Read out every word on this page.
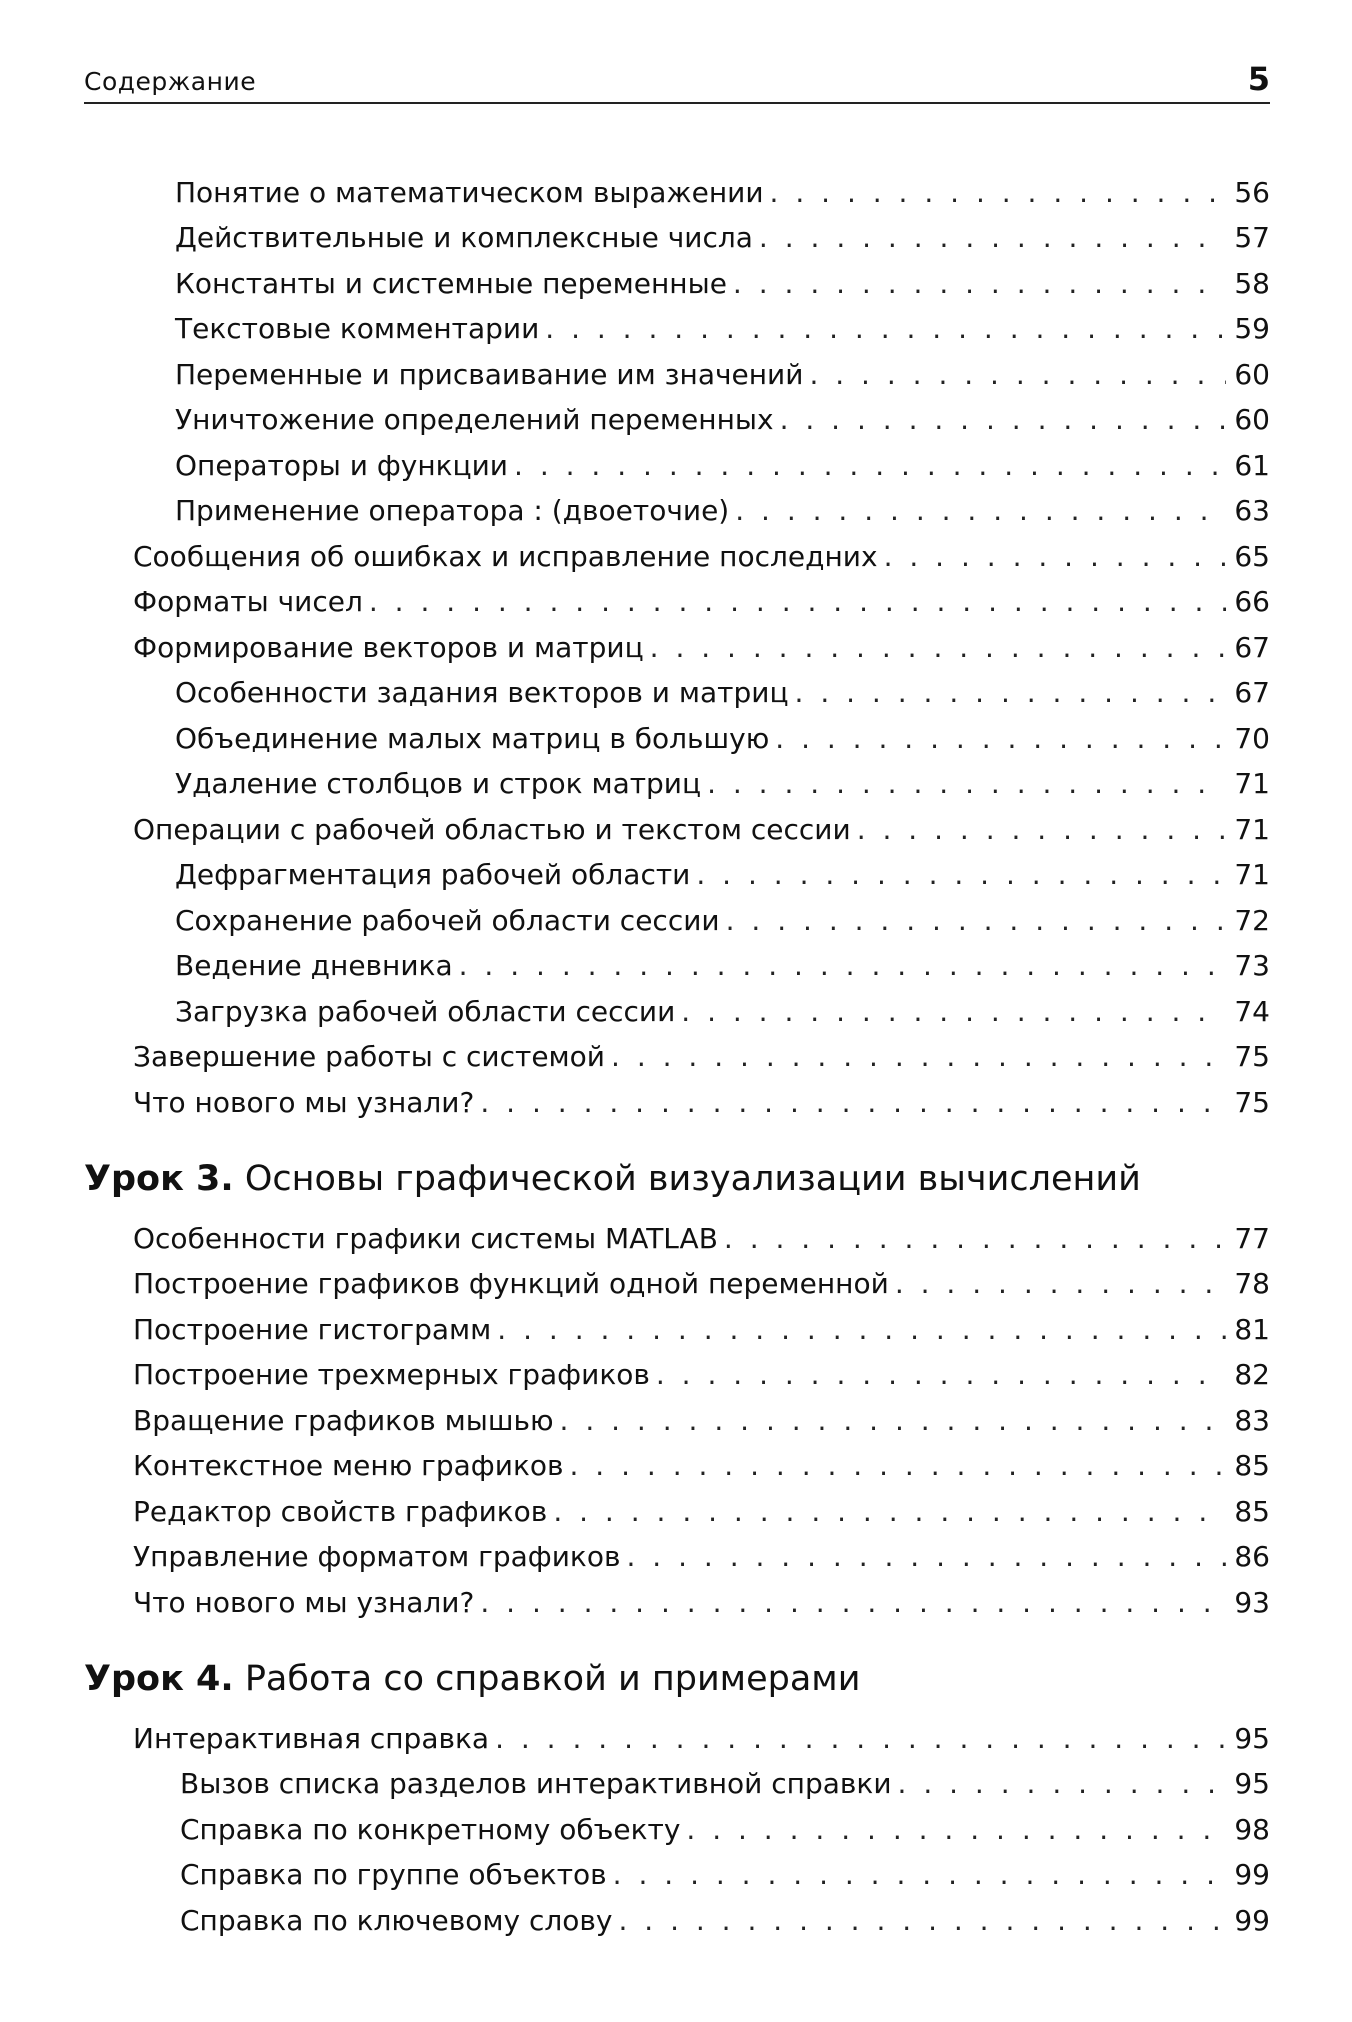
Содержание	5
Понятие о математическом выражении . . .	56
Действительные и комплексные числа . . .	57
Константы и системные переменные . . .	58
Текстовые комментарии . . .	59
Переменные и присваивание им значений . . .	60
Уничтожение определений переменных . . .	60
Операторы и функции . . .	61
Применение оператора : (двоеточие) . . .	63
Сообщения об ошибках и исправление последних . . .	65
Форматы чисел . . .	66
Формирование векторов и матриц . . .	67
Особенности задания векторов и матриц . . .	67
Объединение малых матриц в большую . . .	70
Удаление столбцов и строк матриц . . .	71
Операции с рабочей областью и текстом сессии . . .	71
Дефрагментация рабочей области . . .	71
Сохранение рабочей области сессии . . .	72
Ведение дневника . . .	73
Загрузка рабочей области сессии . . .	74
Завершение работы с системой . . .	75
Что нового мы узнали? . . .	75
Урок 3. Основы графической визуализации вычислений
Особенности графики системы MATLAB . . .	77
Построение графиков функций одной переменной . . .	78
Построение гистограмм . . .	81
Построение трехмерных графиков . . .	82
Вращение графиков мышью . . .	83
Контекстное меню графиков . . .	85
Редактор свойств графиков . . .	85
Управление форматом графиков . . .	86
Что нового мы узнали? . . .	93
Урок 4. Работа со справкой и примерами
Интерактивная справка . . .	95
Вызов списка разделов интерактивной справки . . .	95
Справка по конкретному объекту . . .	98
Справка по группе объектов . . .	99
Справка по ключевому слову . . .	99
